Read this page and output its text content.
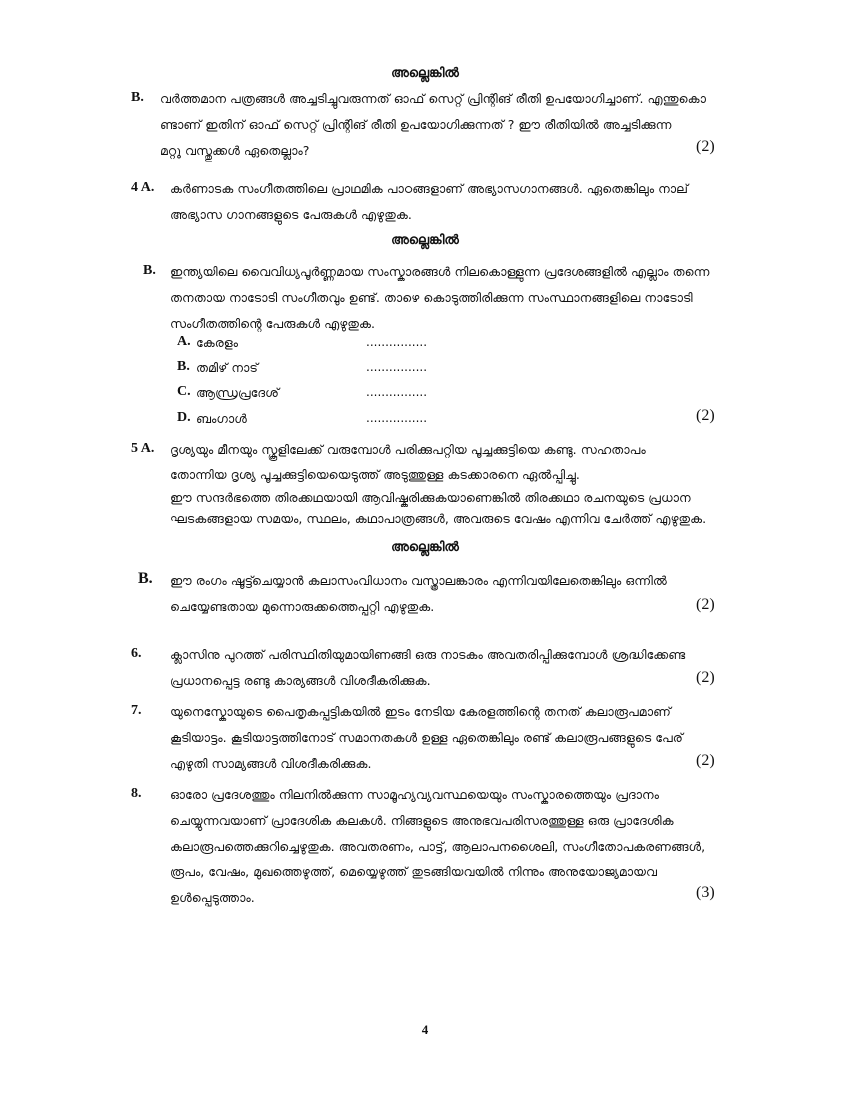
അല്ലെങ്കിൽ
B. വർത്തമാന പത്രങ്ങൾ അച്ചടിച്ചുവരുന്നത് ഓഫ് സെറ്റ് പ്രിന്റിങ് രീതി ഉപയോഗിച്ചാണ്. എന്തുകൊ
ണ്ടാണ് ഇതിന് ഓഫ് സെറ്റ് പ്രിന്റിങ് രീതി ഉപയോഗിക്കുന്നത് ? ഈ രീതിയിൽ അച്ചടിക്കുന്ന
മറ്റു വസ്തുക്കൾ ഏതെല്ലാം?	(2)
4 A. കർണാടക സംഗീതത്തിലെ പ്രാഥമിക പാഠങ്ങളാണ് അഭ്യാസഗാനങ്ങൾ. ഏതെങ്കിലും നാല്
അഭ്യാസ ഗാനങ്ങളുടെ പേരുകൾ എഴുതുക.
അല്ലെങ്കിൽ
B. ഇന്ത്യയിലെ വൈവിധ്യപൂർണ്ണമായ സംസ്കാരങ്ങൾ നിലകൊള്ളുന്ന പ്രദേശങ്ങളിൽ എല്ലാം തന്നെ
തനതായ നാടോടി സംഗീതവും ഉണ്ട്. താഴെ കൊടുത്തിരിക്കുന്ന സംസ്ഥാനങ്ങളിലെ നാടോടി
സംഗീതത്തിന്റെ പേരുകൾ എഴുതുക.
A. കേരളം	................
B. തമിഴ് നാട്	................
C. ആന്ധ്രപ്രദേശ്	................
D. ബംഗാൾ	................	(2)
5 A. ദൃശ്യയും മീനയും സ്കൂളിലേക്ക് വരുമ്പോൾ പരിക്കുപറ്റിയ പൂച്ചക്കുട്ടിയെ കണ്ടു. സഹതാപം
തോന്നിയ ദൃശ്യ പൂച്ചക്കുട്ടിയെയെടുത്ത് അടുത്തുള്ള കടക്കാരനെ ഏൽപ്പിച്ചു.
ഈ സന്ദർഭത്തെ തിരക്കഥയായി ആവിഷ്കരിക്കുകയാണെങ്കിൽ തിരക്കഥാ രചനയുടെ പ്രധാന
ഘടകങ്ങളായ സമയം, സ്ഥലം, കഥാപാത്രങ്ങൾ, അവരുടെ വേഷം എന്നിവ ചേർത്ത് എഴുതുക.
അല്ലെങ്കിൽ
B. ഈ രംഗം ഷൂട്ട്ചെയ്യാൻ കലാസംവിധാനം വസ്ത്രാലങ്കാരം എന്നിവയിലേതെങ്കിലും ഒന്നിൽ
ചെയ്യേണ്ടതായ മുന്നൊരുക്കത്തെപ്പറ്റി എഴുതുക.	(2)
6. ക്ലാസിനു പുറത്ത് പരിസ്ഥിതിയുമായിണങ്ങി ഒരു നാടകം അവതരിപ്പിക്കുമ്പോൾ ശ്രദ്ധിക്കേണ്ട
പ്രധാനപ്പെട്ട രണ്ടു കാര്യങ്ങൾ വിശദീകരിക്കുക.	(2)
7. യുനെസ്കോയുടെ പൈതൃകപ്പട്ടികയിൽ ഇടം നേടിയ കേരളത്തിന്റെ തനത് കലാരൂപമാണ്
കൂടിയാട്ടം. കൂടിയാട്ടത്തിനോട് സമാനതകൾ ഉള്ള ഏതെങ്കിലും രണ്ട് കലാരൂപങ്ങളുടെ പേര്
എഴുതി സാമ്യങ്ങൾ വിശദീകരിക്കുക.	(2)
8. ഓരോ പ്രദേശത്തും നിലനിൽക്കുന്ന സാമൂഹ്യവ്യവസ്ഥയെയും സംസ്കാരത്തെയും പ്രദാനം
ചെയ്യുന്നവയാണ് പ്രാദേശിക കലകൾ. നിങ്ങളുടെ അനുഭവപരിസരത്തുള്ള ഒരു പ്രാദേശിക
കലാരൂപത്തെക്കുറിച്ചെഴുതുക. അവതരണം, പാട്ട്, ആലാപനശൈലി, സംഗീതോപകരണങ്ങൾ,
രൂപം, വേഷം, മുഖത്തെഴുത്ത്, മെയ്യെഴുത്ത് തുടങ്ങിയവയിൽ നിന്നും അനുയോജ്യമായവ
ഉൾപ്പെടുത്താം.	(3)
4
